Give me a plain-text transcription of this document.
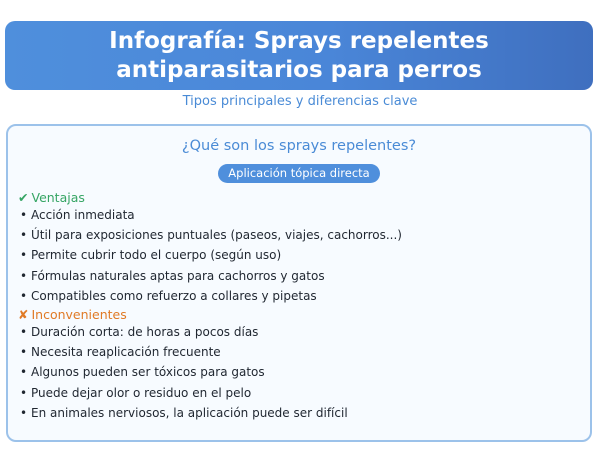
Infografía: Sprays repelentes antiparasitarios para perros
Tipos principales y diferencias clave
¿Qué son los sprays repelentes?
Aplicación tópica directa
✔ Ventajas
• Acción inmediata
• Útil para exposiciones puntuales (paseos, viajes, cachorros...)
• Permite cubrir todo el cuerpo (según uso)
• Fórmulas naturales aptas para cachorros y gatos
• Compatibles como refuerzo a collares y pipetas
✘ Inconvenientes
• Duración corta: de horas a pocos días
• Necesita reaplicación frecuente
• Algunos pueden ser tóxicos para gatos
• Puede dejar olor o residuo en el pelo
• En animales nerviosos, la aplicación puede ser difícil
